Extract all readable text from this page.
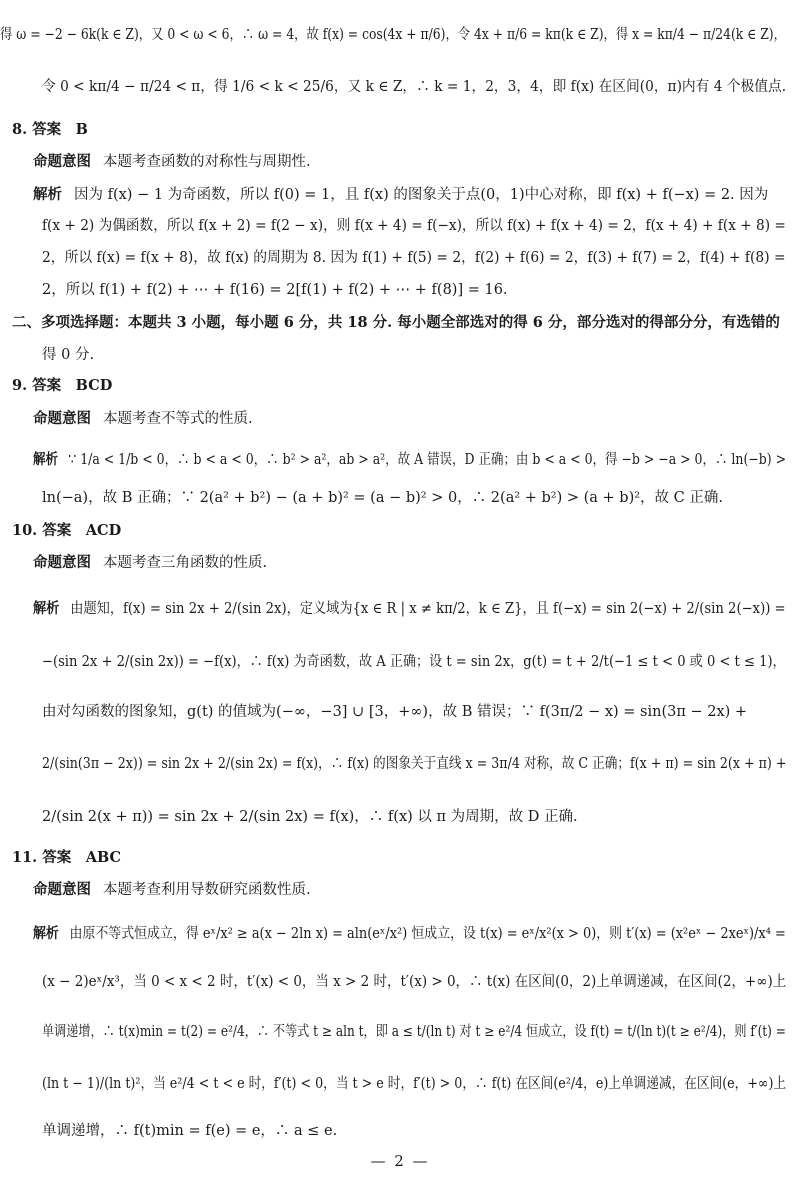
得 ω = −2 − 6k(k ∈ Z)，又 0 < ω < 6，∴ ω = 4，故 f(x) = cos(4x + π/6)，令 4x + π/6 = kπ(k ∈ Z)，得 x = kπ/4 − π/24(k ∈ Z)，
令 0 < kπ/4 − π/24 < π，得 1/6 < k < 25/6，又 k ∈ Z，∴ k = 1，2，3，4，即 f(x) 在区间(0，π)内有 4 个极值点.
8. 答案　B
命题意图 本题考查函数的对称性与周期性.
解析 因为 f(x) − 1 为奇函数，所以 f(0) = 1，且 f(x) 的图象关于点(0，1)中心对称，即 f(x) + f(−x) = 2. 因为
f(x + 2) 为偶函数，所以 f(x + 2) = f(2 − x)，则 f(x + 4) = f(−x)，所以 f(x) + f(x + 4) = 2，f(x + 4) + f(x + 8) =
2，所以 f(x) = f(x + 8)，故 f(x) 的周期为 8. 因为 f(1) + f(5) = 2，f(2) + f(6) = 2，f(3) + f(7) = 2，f(4) + f(8) =
2，所以 f(1) + f(2) + ⋯ + f(16) = 2[f(1) + f(2) + ⋯ + f(8)] = 16.
二、多项选择题：本题共 3 小题，每小题 6 分，共 18 分. 每小题全部选对的得 6 分，部分选对的得部分分，有选错的
得 0 分.
9. 答案　BCD
命题意图 本题考查不等式的性质.
解析 ∵ 1/a < 1/b < 0，∴ b < a < 0，∴ b² > a²，ab > a²，故 A 错误，D 正确；由 b < a < 0，得 −b > −a > 0，∴ ln(−b) >
ln(−a)，故 B 正确；∵ 2(a² + b²) − (a + b)² = (a − b)² > 0，∴ 2(a² + b²) > (a + b)²，故 C 正确.
10. 答案　ACD
命题意图 本题考查三角函数的性质.
解析 由题知，f(x) = sin 2x + 2/(sin 2x)，定义域为{x ∈ R | x ≠ kπ/2，k ∈ Z}，且 f(−x) = sin 2(−x) + 2/(sin 2(−x)) =
−(sin 2x + 2/(sin 2x)) = −f(x)，∴ f(x) 为奇函数，故 A 正确；设 t = sin 2x，g(t) = t + 2/t(−1 ≤ t < 0 或 0 < t ≤ 1)，
由对勾函数的图象知，g(t) 的值域为(−∞，−3] ∪ [3，+∞)，故 B 错误；∵ f(3π/2 − x) = sin(3π − 2x) +
2/(sin(3π − 2x)) = sin 2x + 2/(sin 2x) = f(x)，∴ f(x) 的图象关于直线 x = 3π/4 对称，故 C 正确；f(x + π) = sin 2(x + π) +
2/(sin 2(x + π)) = sin 2x + 2/(sin 2x) = f(x)，∴ f(x) 以 π 为周期，故 D 正确.
11. 答案　ABC
命题意图 本题考查利用导数研究函数性质.
解析 由原不等式恒成立，得 eˣ/x² ≥ a(x − 2ln x) = aln(eˣ/x²) 恒成立，设 t(x) = eˣ/x²(x > 0)，则 t′(x) = (x²eˣ − 2xeˣ)/x⁴ =
(x − 2)eˣ/x³，当 0 < x < 2 时，t′(x) < 0，当 x > 2 时，t′(x) > 0，∴ t(x) 在区间(0，2)上单调递减，在区间(2，+∞)上
单调递增，∴ t(x)min = t(2) = e²/4，∴ 不等式 t ≥ aln t，即 a ≤ t/(ln t) 对 t ≥ e²/4 恒成立，设 f(t) = t/(ln t)(t ≥ e²/4)，则 f′(t) =
(ln t − 1)/(ln t)²，当 e²/4 < t < e 时，f′(t) < 0，当 t > e 时，f′(t) > 0，∴ f(t) 在区间(e²/4，e)上单调递减，在区间(e，+∞)上
单调递增，∴ f(t)min = f(e) = e，∴ a ≤ e.
— 2 —
